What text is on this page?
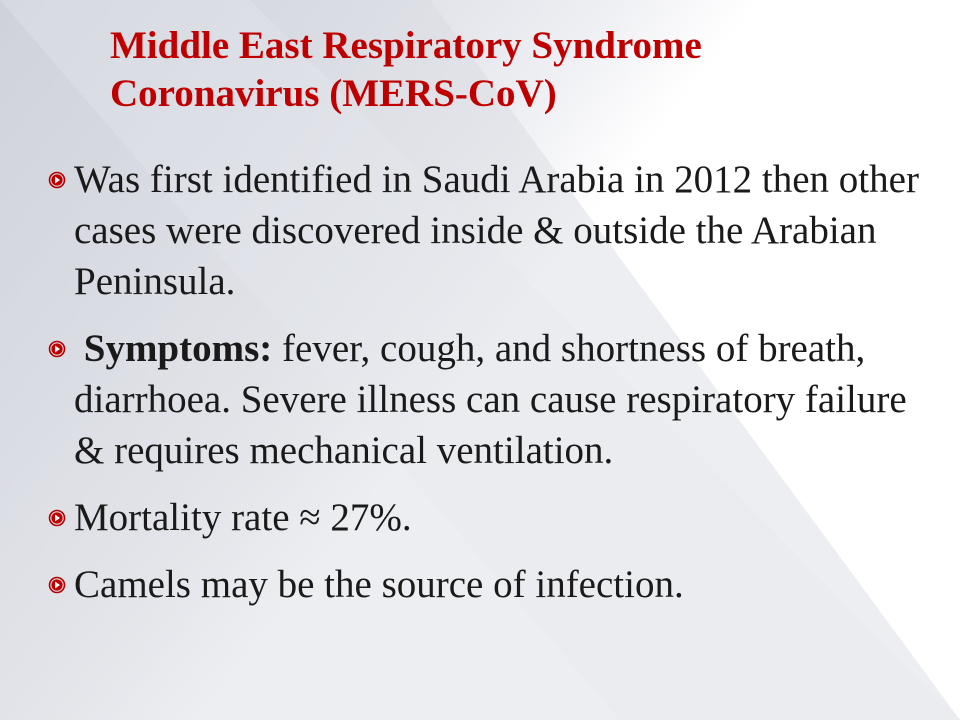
Middle East Respiratory Syndrome
Coronavirus (MERS-CoV)
Was first identified in Saudi Arabia in 2012 then other cases were discovered inside & outside the Arabian Peninsula.
Symptoms: fever, cough, and shortness of breath, diarrhoea. Severe illness can cause respiratory failure & requires mechanical ventilation.
Mortality rate ≈ 27%.
Camels may be the source of infection.
